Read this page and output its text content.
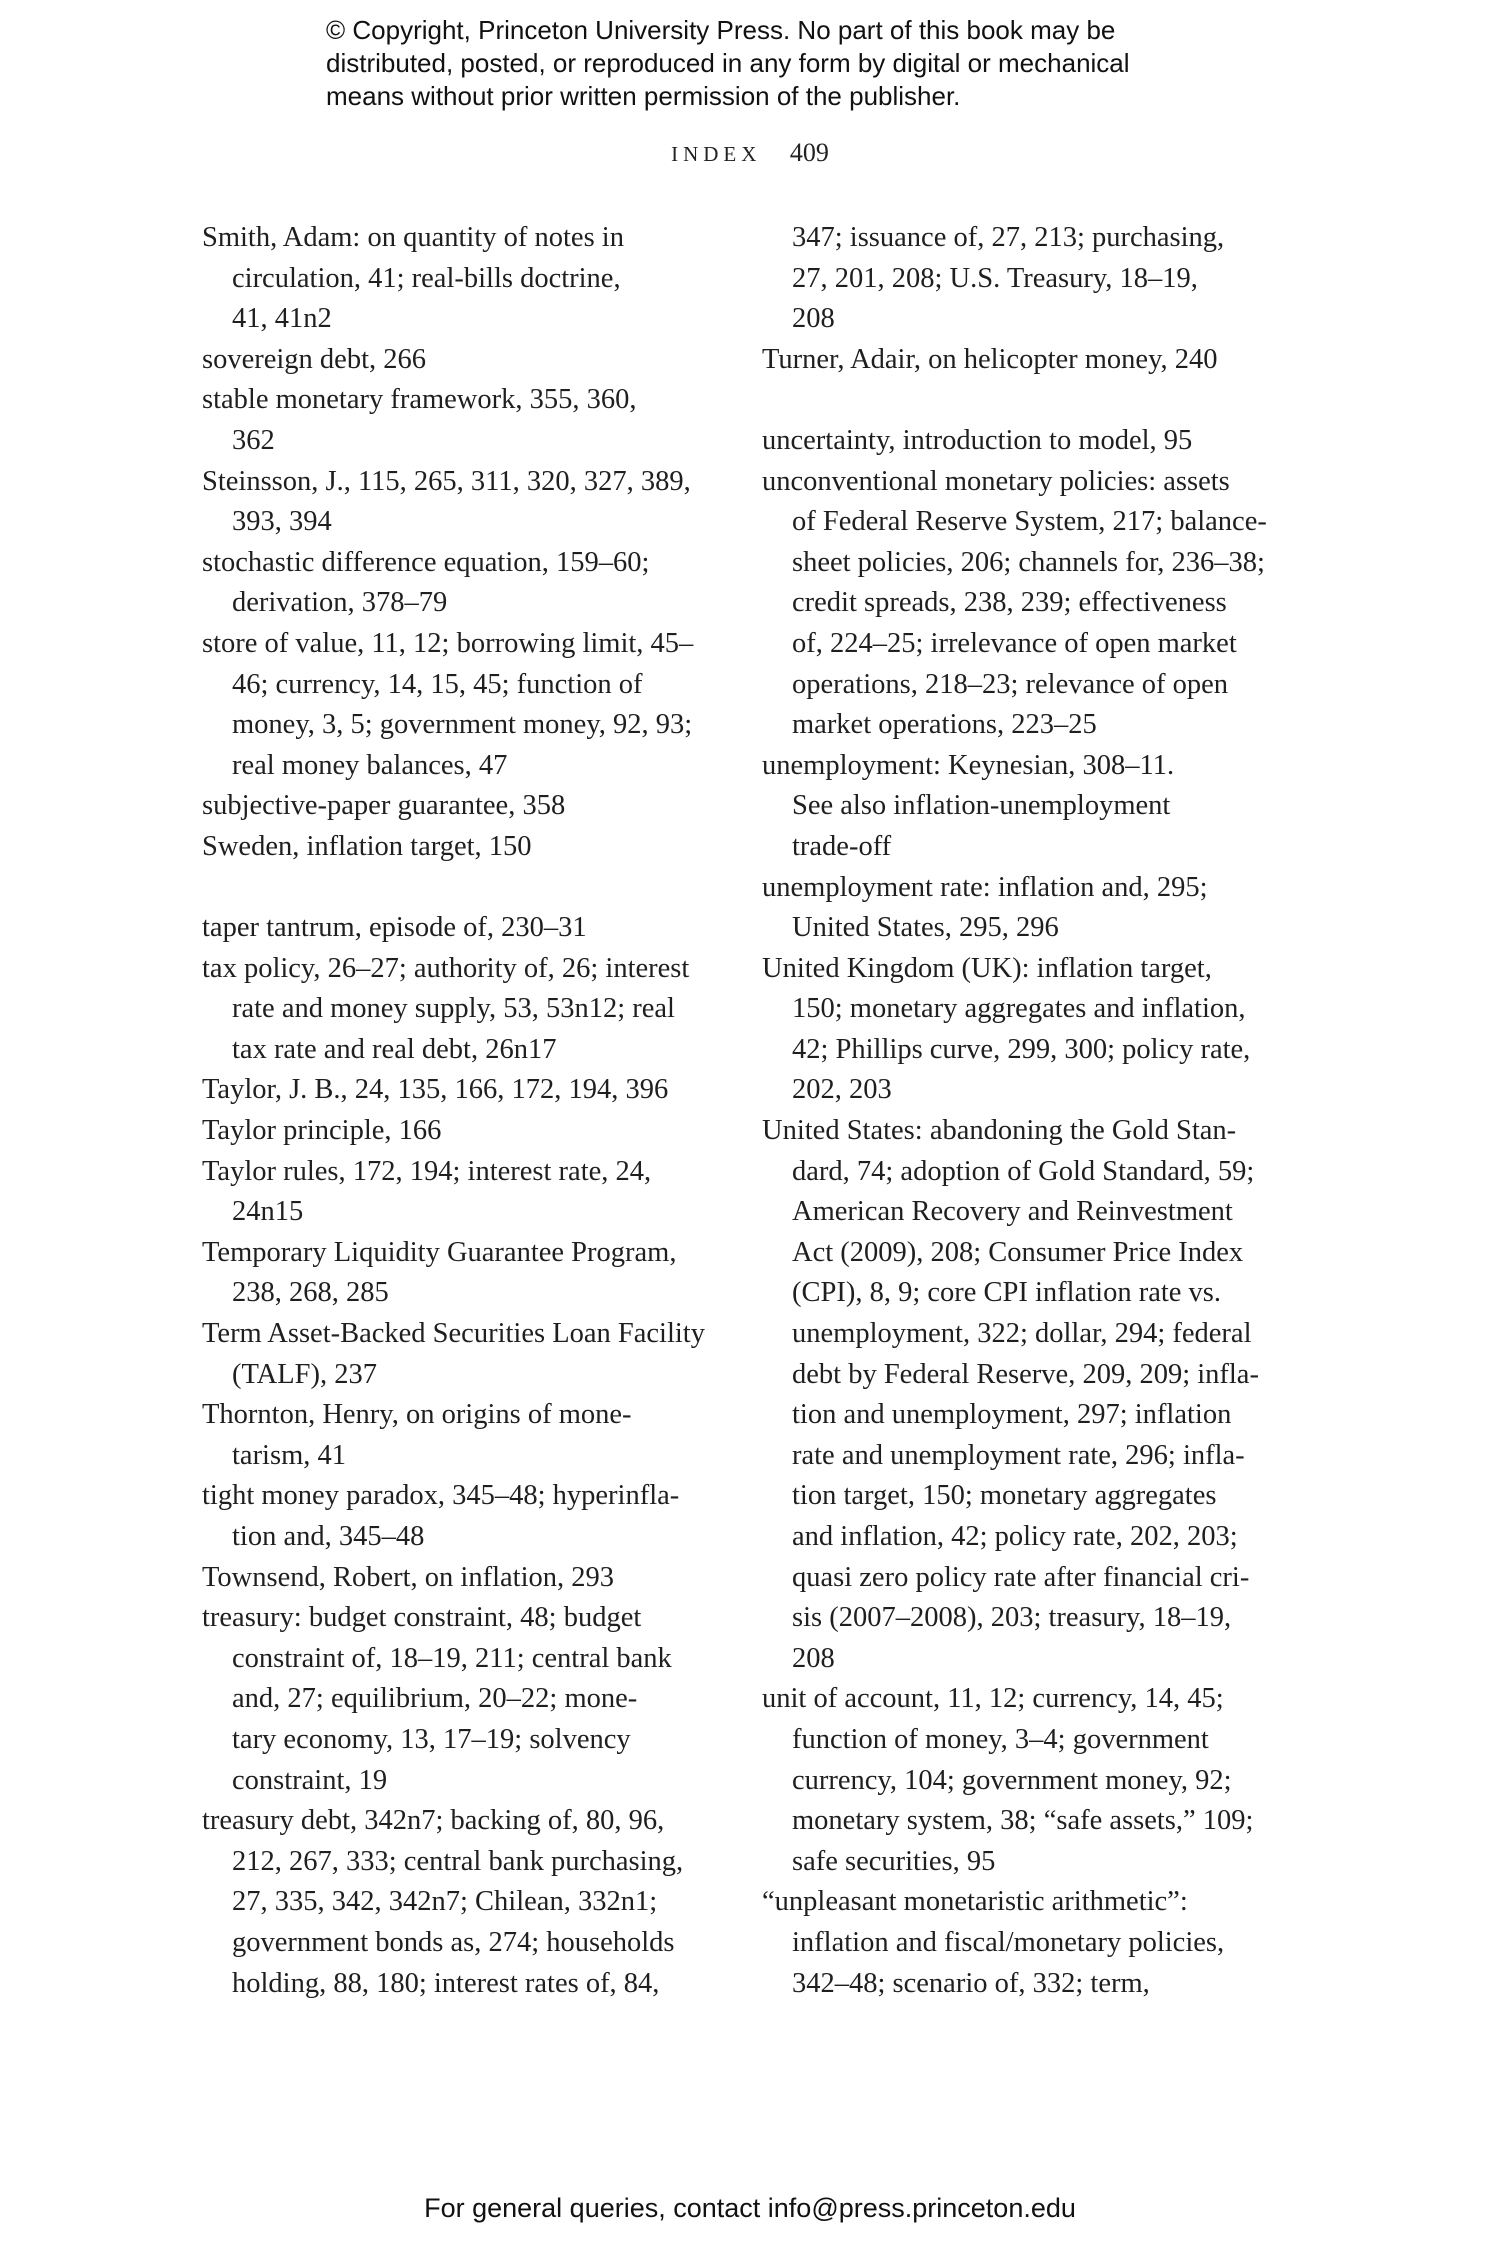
© Copyright, Princeton University Press. No part of this book may be
distributed, posted, or reproduced in any form by digital or mechanical
means without prior written permission of the publisher.
INDEX 409
Smith, Adam: on quantity of notes in
circulation, 41; real-bills doctrine,
41, 41n2
sovereign debt, 266
stable monetary framework, 355, 360,
362
Steinsson, J., 115, 265, 311, 320, 327, 389,
393, 394
stochastic difference equation, 159–60;
derivation, 378–79
store of value, 11, 12; borrowing limit, 45–
46; currency, 14, 15, 45; function of
money, 3, 5; government money, 92, 93;
real money balances, 47
subjective-paper guarantee, 358
Sweden, inflation target, 150
taper tantrum, episode of, 230–31
tax policy, 26–27; authority of, 26; interest
rate and money supply, 53, 53n12; real
tax rate and real debt, 26n17
Taylor, J. B., 24, 135, 166, 172, 194, 396
Taylor principle, 166
Taylor rules, 172, 194; interest rate, 24,
24n15
Temporary Liquidity Guarantee Program,
238, 268, 285
Term Asset-Backed Securities Loan Facility
(TALF), 237
Thornton, Henry, on origins of mone-
tarism, 41
tight money paradox, 345–48; hyperinfla-
tion and, 345–48
Townsend, Robert, on inflation, 293
treasury: budget constraint, 48; budget
constraint of, 18–19, 211; central bank
and, 27; equilibrium, 20–22; mone-
tary economy, 13, 17–19; solvency
constraint, 19
treasury debt, 342n7; backing of, 80, 96,
212, 267, 333; central bank purchasing,
27, 335, 342, 342n7; Chilean, 332n1;
government bonds as, 274; households
holding, 88, 180; interest rates of, 84,
347; issuance of, 27, 213; purchasing,
27, 201, 208; U.S. Treasury, 18–19,
208
Turner, Adair, on helicopter money, 240
uncertainty, introduction to model, 95
unconventional monetary policies: assets
of Federal Reserve System, 217; balance-
sheet policies, 206; channels for, 236–38;
credit spreads, 238, 239; effectiveness
of, 224–25; irrelevance of open market
operations, 218–23; relevance of open
market operations, 223–25
unemployment: Keynesian, 308–11.
See also inflation-unemployment
trade-off
unemployment rate: inflation and, 295;
United States, 295, 296
United Kingdom (UK): inflation target,
150; monetary aggregates and inflation,
42; Phillips curve, 299, 300; policy rate,
202, 203
United States: abandoning the Gold Stan-
dard, 74; adoption of Gold Standard, 59;
American Recovery and Reinvestment
Act (2009), 208; Consumer Price Index
(CPI), 8, 9; core CPI inflation rate vs.
unemployment, 322; dollar, 294; federal
debt by Federal Reserve, 209, 209; infla-
tion and unemployment, 297; inflation
rate and unemployment rate, 296; infla-
tion target, 150; monetary aggregates
and inflation, 42; policy rate, 202, 203;
quasi zero policy rate after financial cri-
sis (2007–2008), 203; treasury, 18–19,
208
unit of account, 11, 12; currency, 14, 45;
function of money, 3–4; government
currency, 104; government money, 92;
monetary system, 38; “safe assets,” 109;
safe securities, 95
“unpleasant monetaristic arithmetic”:
inflation and fiscal/monetary policies,
342–48; scenario of, 332; term,
For general queries, contact info@press.princeton.edu
